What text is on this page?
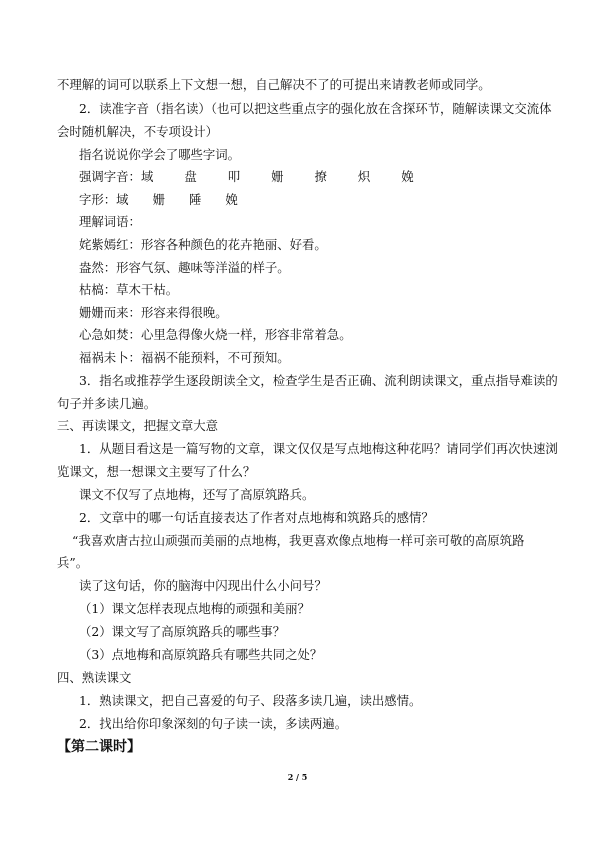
不理解的词可以联系上下文想一想，自己解决不了的可提出来请教老师或同学。
2．读准字音（指名读）（也可以把这些重点字的强化放在含探环节，随解读课文交流体
会时随机解决，不专项设计）
指名说说你学会了哪些字词。
强调字音：域	盘	叩	姗	撩	炽	娩
字形：域 姗 陲 娩
理解词语：
姹紫嫣红：形容各种颜色的花卉艳丽、好看。
盎然：形容气氛、趣味等洋溢的样子。
枯槁：草木干枯。
姗姗而来：形容来得很晚。
心急如焚：心里急得像火烧一样，形容非常着急。
福祸未卜：福祸不能预料，不可预知。
3．指名或推荐学生逐段朗读全文，检查学生是否正确、流利朗读课文，重点指导难读的
句子并多读几遍。
三、再读课文，把握文章大意
1．从题目看这是一篇写物的文章，课文仅仅是写点地梅这种花吗？请同学们再次快速浏
览课文，想一想课文主要写了什么？
课文不仅写了点地梅，还写了高原筑路兵。
2．文章中的哪一句话直接表达了作者对点地梅和筑路兵的感情？
“我喜欢唐古拉山顽强而美丽的点地梅，我更喜欢像点地梅一样可亲可敬的高原筑路
兵”。
读了这句话，你的脑海中闪现出什么小问号？
（1）课文怎样表现点地梅的顽强和美丽？
（2）课文写了高原筑路兵的哪些事？
（3）点地梅和高原筑路兵有哪些共同之处？
四、熟读课文
1．熟读课文，把自己喜爱的句子、段落多读几遍，读出感情。
2．找出给你印象深刻的句子读一读，多读两遍。
【第二课时】
2 / 5
